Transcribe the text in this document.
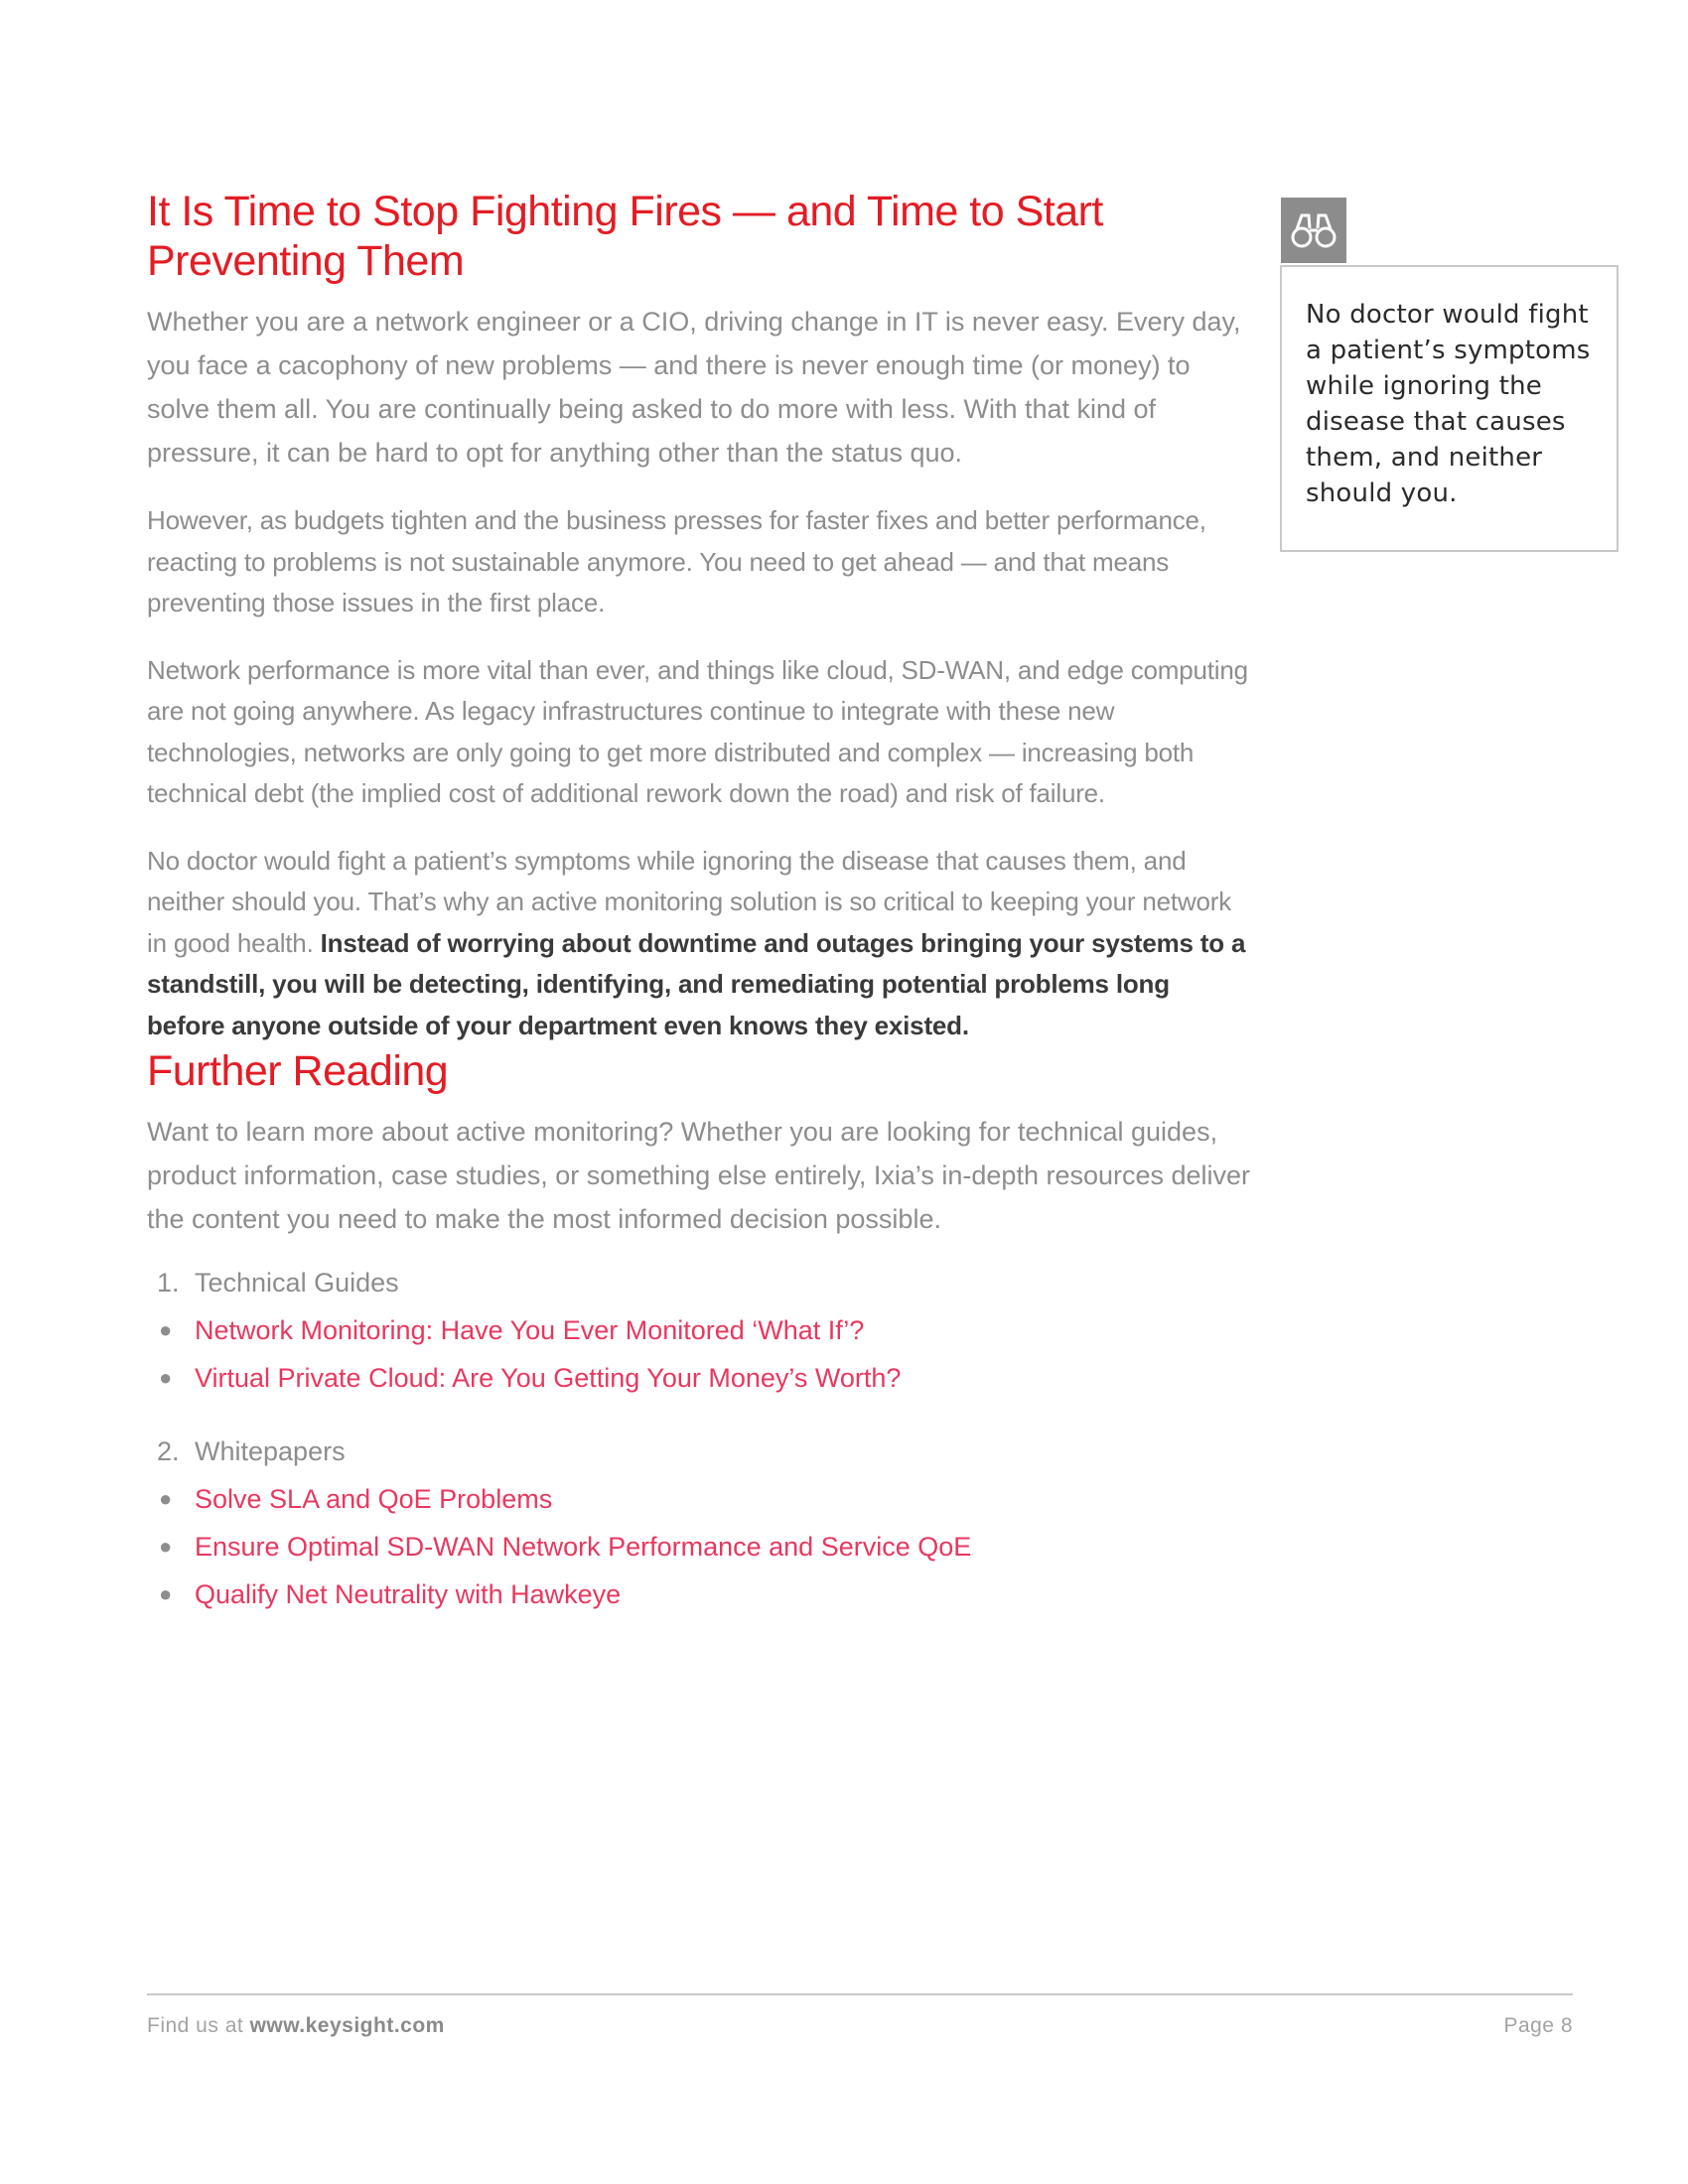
It Is Time to Stop Fighting Fires — and Time to Start Preventing Them

Whether you are a network engineer or a CIO, driving change in IT is never easy. Every day, you face a cacophony of new problems — and there is never enough time (or money) to solve them all. You are continually being asked to do more with less. With that kind of pressure, it can be hard to opt for anything other than the status quo.

However, as budgets tighten and the business presses for faster fixes and better performance, reacting to problems is not sustainable anymore. You need to get ahead — and that means preventing those issues in the first place.

Network performance is more vital than ever, and things like cloud, SD-WAN, and edge computing are not going anywhere. As legacy infrastructures continue to integrate with these new technologies, networks are only going to get more distributed and complex — increasing both technical debt (the implied cost of additional rework down the road) and risk of failure.

No doctor would fight a patient’s symptoms while ignoring the disease that causes them, and neither should you. That’s why an active monitoring solution is so critical to keeping your network in good health. Instead of worrying about downtime and outages bringing your systems to a standstill, you will be detecting, identifying, and remediating potential problems long before anyone outside of your department even knows they existed.

Further Reading

Want to learn more about active monitoring? Whether you are looking for technical guides, product information, case studies, or something else entirely, Ixia’s in-depth resources deliver the content you need to make the most informed decision possible.

1. Technical Guides
● Network Monitoring: Have You Ever Monitored ‘What If’?
● Virtual Private Cloud: Are You Getting Your Money’s Worth?
2. Whitepapers
● Solve SLA and QoE Problems
● Ensure Optimal SD-WAN Network Performance and Service QoE
● Qualify Net Neutrality with Hawkeye

No doctor would fight a patient’s symptoms while ignoring the disease that causes them, and neither should you.

Find us at www.keysight.com	Page 8
